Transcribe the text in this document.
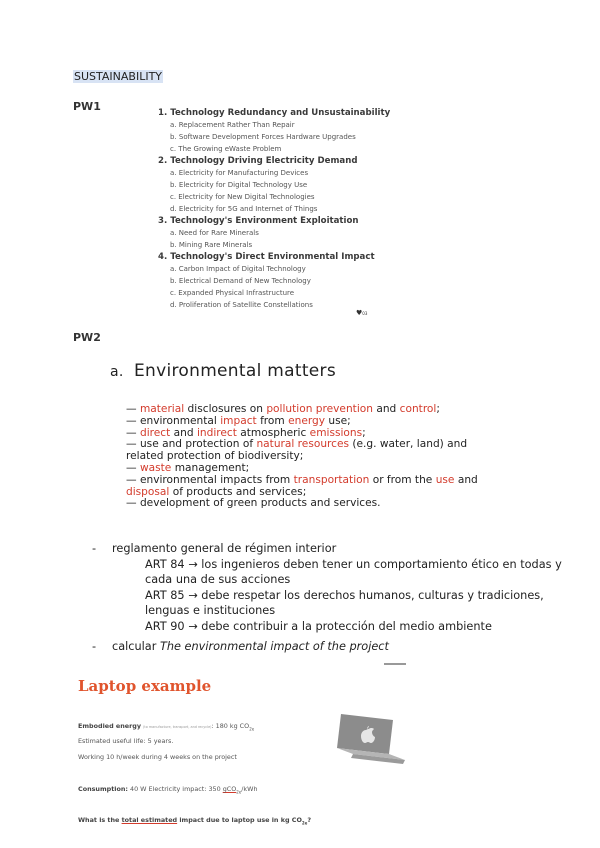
SUSTAINABILITY
PW1	1. Technology Redundancy and Unsustainability
a. Replacement Rather Than Repair
b. Software Development Forces Hardware Upgrades
c. The Growing eWaste Problem
2. Technology Driving Electricity Demand
a. Electricity for Manufacturing Devices
b. Electricity for Digital Technology Use
c. Electricity for New Digital Technologies
d. Electricity for 5G and Internet of Things
3. Technology's Environment Exploitation
a. Need for Rare Minerals
b. Mining Rare Minerals
4. Technology's Direct Environmental Impact
a. Carbon Impact of Digital Technology
b. Electrical Demand of New Technology
c. Expanded Physical Infrastructure
d. Proliferation of Satellite Constellations
♥03
PW2
a. Environmental matters
— material disclosures on pollution prevention and control;
— environmental impact from energy use;
— direct and indirect atmospheric emissions;
— use and protection of natural resources (e.g. water, land) and related protection of biodiversity;
— waste management;
— environmental impacts from transportation or from the use and disposal of products and services;
— development of green products and services.
- reglamento general de régimen interior
ART 84 → los ingenieros deben tener un comportamiento ético en todas y cada una de sus acciones
ART 85 → debe respetar los derechos humanos, culturas y tradiciones, lenguas e instituciones
ART 90 → debe contribuir a la protección del medio ambiente
- calcular The environmental impact of the project
Laptop example
Embodied energy (to manufacture, transport, and recycle): 180 kg $CO_{2e}$
Estimated useful life: 5 years.
Working 10 h/week during 4 weeks on the project
Consumption: 40 W Electricity impact: 350 gCO$_{2e}$/kWh
What is the total estimated impact due to laptop use in kg $CO_{2e}$?
